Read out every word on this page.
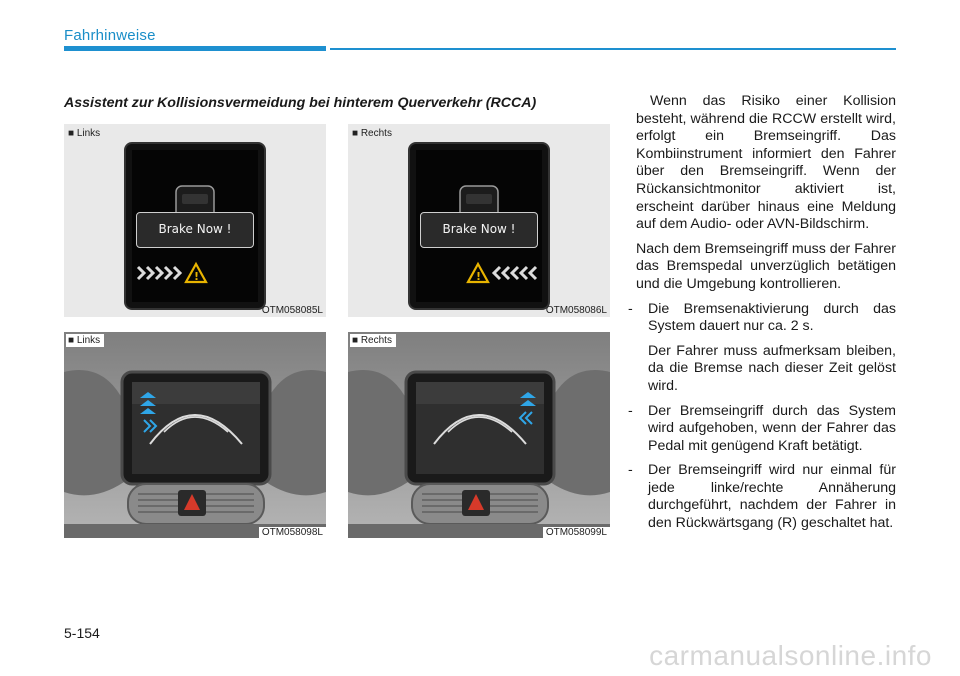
Fahrhinweise
Assistent zur Kollisionsvermeidung bei hinterem Querverkehr (RCCA)
■ Links
Brake Now !
!
OTM058085L
■ Rechts
Brake Now !
!
OTM058086L
■ Links
OTM058098L
■ Rechts
OTM058099L

Wenn das Risiko einer Kollision besteht, während die RCCW erstellt wird, erfolgt ein Bremseingriff. Das Kombiinstrument informiert den Fahrer über den Bremseingriff. Wenn der Rückansichtmonitor aktiviert ist, erscheint darüber hinaus eine Meldung auf dem Audio- oder AVN-Bildschirm.

Nach dem Bremseingriff muss der Fahrer das Bremspedal unverzüglich betätigen und die Umgebung kontrollieren.

- Die Bremsenaktivierung durch das System dauert nur ca. 2 s.
Der Fahrer muss aufmerksam bleiben, da die Bremse nach dieser Zeit gelöst wird.
- Der Bremseingriff durch das System wird aufgehoben, wenn der Fahrer das Pedal mit genügend Kraft betätigt.
- Der Bremseingriff wird nur einmal für jede linke/rechte Annäherung durchgeführt, nachdem der Fahrer in den Rückwärtsgang (R) geschaltet hat.
5-154
carmanualsonline.info
